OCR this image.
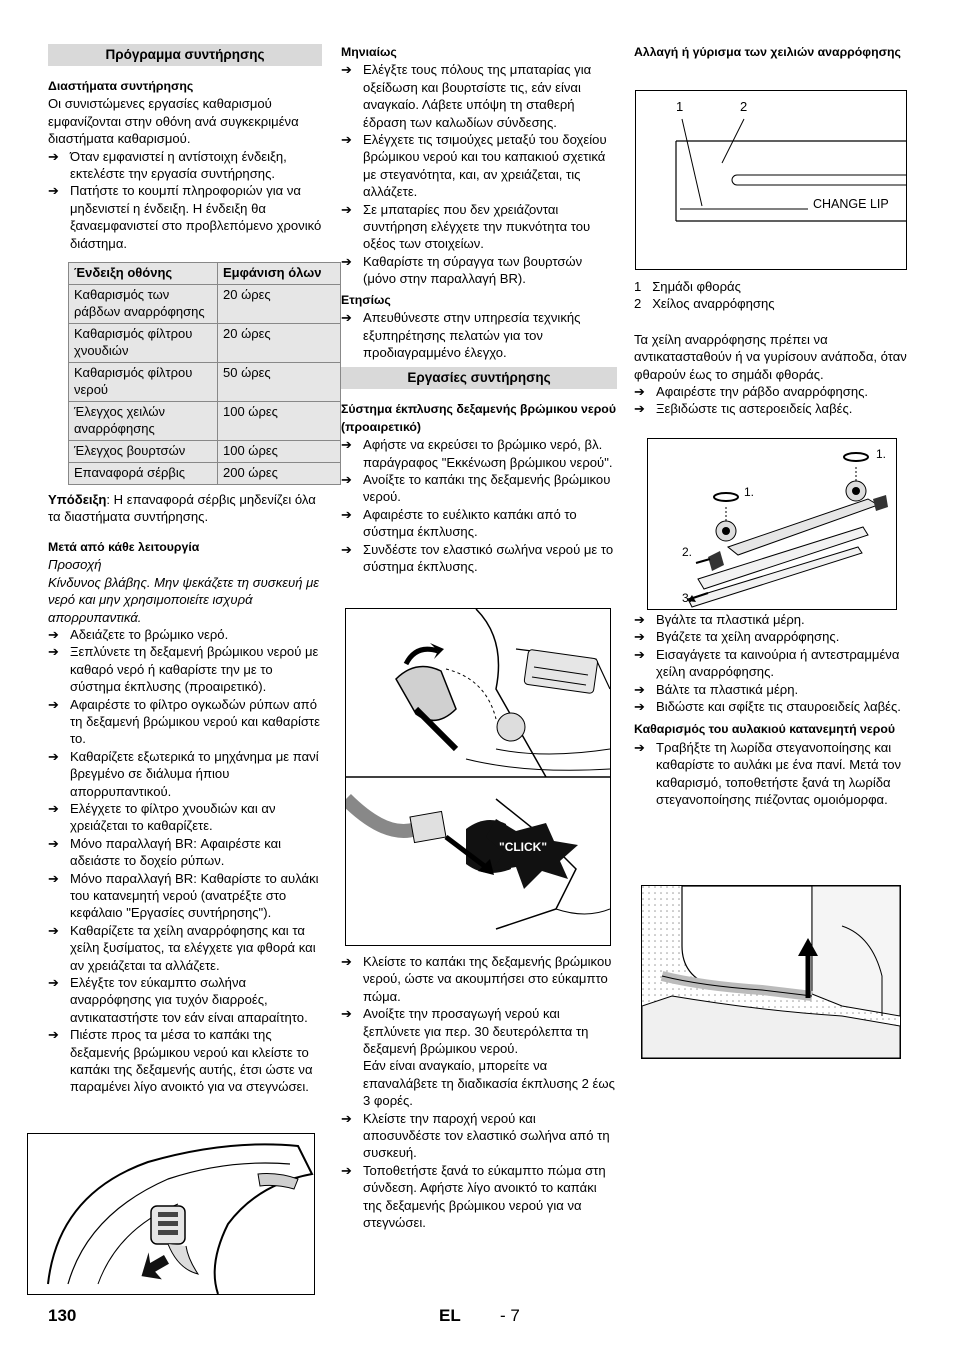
Πρόγραμμα συντήρησης
Διαστήματα συντήρησης

Οι συνιστώμενες εργασίες καθαρισμού εμφανίζονται στην οθόνη ανά συγκεκριμένα διαστήματα καθαρισμού.

➔ Όταν εμφανιστεί η αντίστοιχη ένδειξη, εκτελέστε την εργασία συντήρησης.
➔ Πατήστε το κουμπί πληροφοριών για να μηδενιστεί η ένδειξη. Η ένδειξη θα ξαναεμφανιστεί στο προβλεπόμενο χρονικό διάστημα.
Ένδειξη οθόνης	Εμφάνιση όλων
Καθαρισμός των ράβδων αναρρόφησης	20 ώρες
Καθαρισμός φίλτρου χνουδιών	20 ώρες
Καθαρισμός φίλτρου νερού	50 ώρες
Έλεγχος χειλών αναρρόφησης	100 ώρες
Έλεγχος βουρτσών	100 ώρες
Επαναφορά σέρβις	200 ώρες

Υπόδειξη: Η επαναφορά σέρβις μηδενίζει όλα τα διαστήματα συντήρησης.

Μετά από κάθε λειτουργία

Προσοχή

Κίνδυνος βλάβης. Μην ψεκάζετε τη συσκευή με νερό και μην χρησιμοποιείτε ισχυρά απορρυπαντικά.

➔ Αδειάζετε το βρώμικο νερό.
➔ Ξεπλύνετε τη δεξαμενή βρώμικου νερού με καθαρό νερό ή καθαρίστε την με το σύστημα έκπλυσης (προαιρετικό).
➔ Αφαιρέστε το φίλτρο ογκωδών ρύπων από τη δεξαμενή βρώμικου νερού και καθαρίστε το.
➔ Καθαρίζετε εξωτερικά το μηχάνημα με πανί βρεγμένο σε διάλυμα ήπιου απορρυπαντικού.
➔ Ελέγχετε το φίλτρο χνουδιών και αν χρειάζεται το καθαρίζετε.
➔ Μόνο παραλλαγή BR: Αφαιρέστε και αδειάστε το δοχείο ρύπων.
➔ Μόνο παραλλαγή BR: Καθαρίστε το αυλάκι του κατανεμητή νερού (ανατρέξτε στο κεφάλαιο "Εργασίες συντήρησης").
➔ Καθαρίζετε τα χείλη αναρρόφησης και τα χείλη ξυσίματος, τα ελέγχετε για φθορά και αν χρειάζεται τα αλλάζετε.
➔ Ελέγξτε τον εύκαμπτο σωλήνα αναρρόφησης για τυχόν διαρροές, αντικαταστήστε τον εάν είναι απαραίτητο.
➔ Πιέστε προς τα μέσα το καπάκι της δεξαμενής βρώμικου νερού και κλείστε το καπάκι της δεξαμενής αυτής, έτσι ώστε να παραμένει λίγο ανοικτό για να στεγνώσει.
Μηνιαίως
➔ Ελέγξτε τους πόλους της μπαταρίας για οξείδωση και βουρτσίστε τις, εάν είναι αναγκαίο. Λάβετε υπόψη τη σταθερή έδραση των καλωδίων σύνδεσης.
➔ Ελέγχετε τις τσιμούχες μεταξύ του δοχείου βρώμικου νερού και του καπακιού σχετικά με στεγανότητα, και, αν χρειάζεται, τις αλλάζετε.
➔ Σε μπαταρίες που δεν χρειάζονται συντήρηση ελέγχετε την πυκνότητα του οξέος των στοιχείων.
➔ Καθαρίστε τη σύραγγα των βουρτσών (μόνο στην παραλλαγή BR).
Ετησίως
➔ Απευθύνεστε στην υπηρεσία τεχνικής εξυπηρέτησης πελατών για τον προδιαγραμμένο έλεγχο.
Εργασίες συντήρησης
Σύστημα έκπλυσης δεξαμενής βρώμικου νερού (προαιρετικό)
➔ Αφήστε να εκρεύσει το βρώμικο νερό, βλ. παράγραφος "Εκκένωση βρώμικου νερού".
➔ Ανοίξτε το καπάκι της δεξαμενής βρώμικου νερού.
➔ Αφαιρέστε το ευέλικτο καπάκι από το σύστημα έκπλυσης.
➔ Συνδέστε τον ελαστικό σωλήνα νερού με το σύστημα έκπλυσης.
"CLICK"
➔ Κλείστε το καπάκι της δεξαμενής βρώμικου νερού, ώστε να ακουμπήσει στο εύκαμπτο πώμα.
➔ Ανοίξτε την προσαγωγή νερού και ξεπλύνετε για περ. 30 δευτερόλεπτα τη δεξαμενή βρώμικου νερού.
Εάν είναι αναγκαίο, μπορείτε να επαναλάβετε τη διαδικασία έκπλυσης 2 έως 3 φορές.
➔ Κλείστε την παροχή νερού και αποσυνδέστε τον ελαστικό σωλήνα από τη συσκευή.
➔ Τοποθετήστε ξανά το εύκαμπτο πώμα στη σύνδεση. Αφήστε λίγο ανοικτό το καπάκι της δεξαμενής βρώμικου νερού για να στεγνώσει.
Αλλαγή ή γύρισμα των χειλιών αναρρόφησης
1	2
CHANGE LIP
1   Σημάδι φθοράς
2   Χείλος αναρρόφησης

Τα χείλη αναρρόφησης πρέπει να αντικατασταθούν ή να γυρίσουν ανάποδα, όταν φθαρούν έως το σημάδι φθοράς.

➔ Αφαιρέστε την ράβδο αναρρόφησης.
➔ Ξεβιδώστε τις αστεροειδείς λαβές.
1.
1.
2.
3.
➔ Βγάλτε τα πλαστικά μέρη.
➔ Βγάζετε τα χείλη αναρρόφησης.
➔ Εισαγάγετε τα καινούρια ή αντεστραμμένα χείλη αναρρόφησης.
➔ Βάλτε τα πλαστικά μέρη.
➔ Βιδώστε και σφίξτε τις σταυροειδείς λαβές.
Καθαρισμός του αυλακιού κατανεμητή νερού
➔ Τραβήξτε τη λωρίδα στεγανοποίησης και καθαρίστε το αυλάκι με ένα πανί. Μετά τον καθαρισμό, τοποθετήστε ξανά τη λωρίδα στεγανοποίησης πιέζοντας ομοιόμορφα.
130	EL - 7
